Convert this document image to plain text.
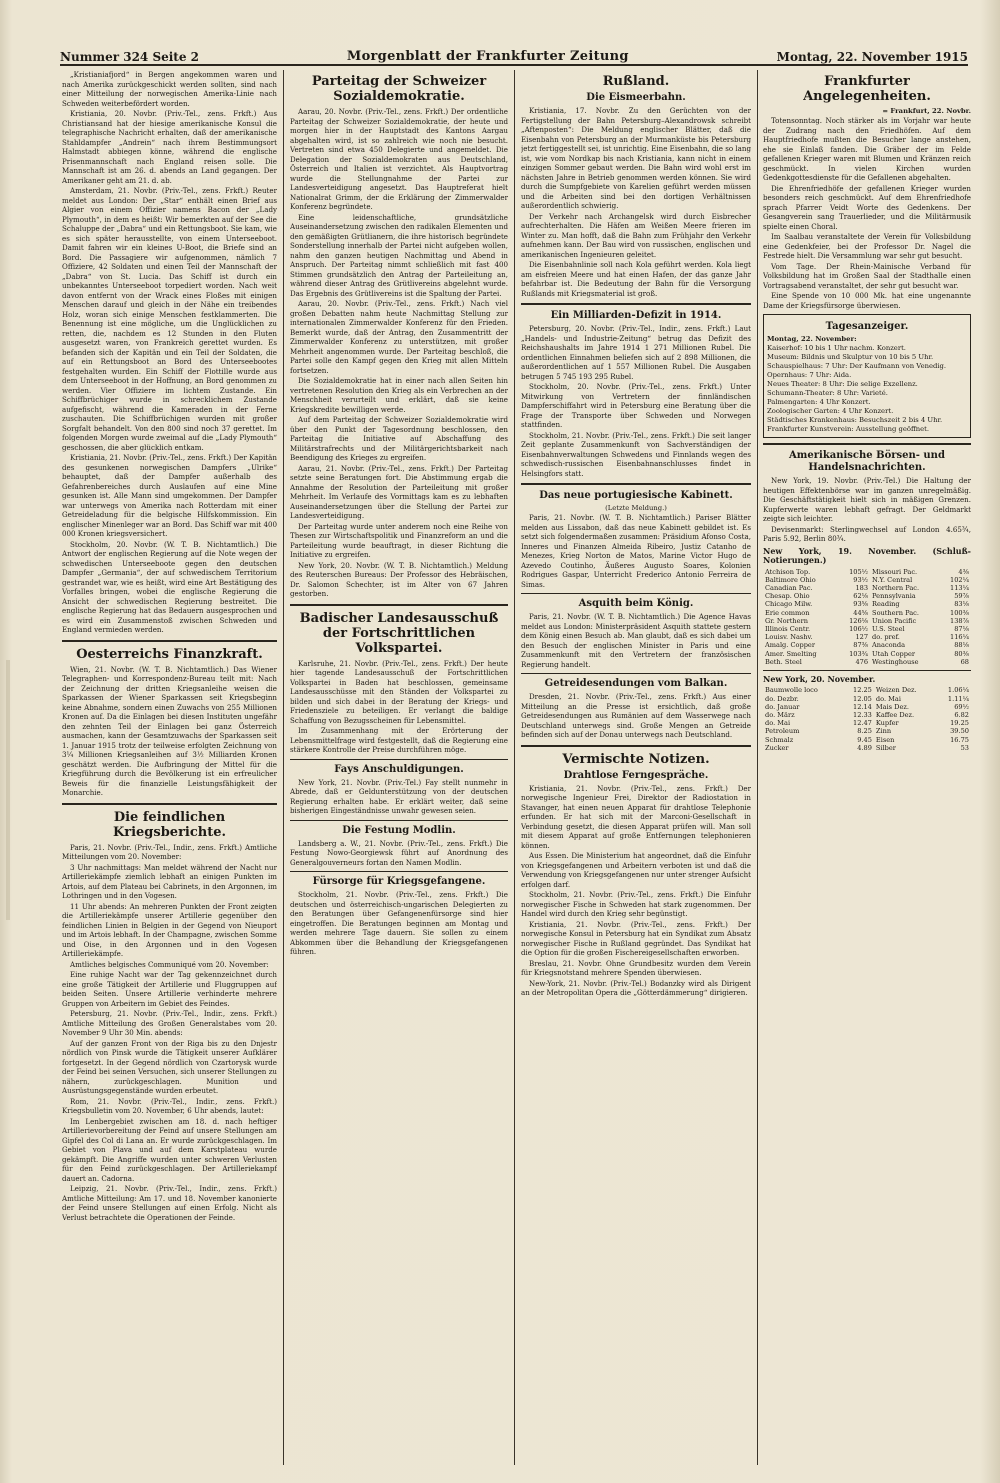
Nummer 324 Seite 2	Morgenblatt der Frankfurter Zeitung	Montag, 22. November 1915

„Kristianiafjord“ in Bergen angekommen waren und nach Amerika zurückgeschickt werden sollten, sind nach einer Mitteilung der norwegischen Amerika-Linie nach Schweden weiterbefördert worden.

Kristiania, 20. Novbr. (Priv.-Tel., zens. Frkft.) Aus Christiansand hat der hiesige amerikanische Konsul die telegraphische Nachricht erhalten, daß der amerikanische Stahldampfer „Andrein“ nach ihrem Bestimmungsort Halmstadt abbiegen könne, während die englische Prisenmannschaft nach England reisen solle. Die Mannschaft ist am 26. d. abends an Land gegangen. Der Amerikaner geht am 21. d. ab.

Amsterdam, 21. Novbr. (Priv.-Tel., zens. Frkft.) Reuter meldet aus London: Der „Star“ enthält einen Brief aus Algier von einem Offizier namens Bacon der „Lady Plymouth“, in dem es heißt: Wir bemerkten auf der See die Schaluppe der „Dabra“ und ein Rettungsboot. Sie kam, wie es sich später herausstellte, von einem Unterseeboot. Damit fahren wir ein kleines U-Boot, die Briefe sind an Bord. Die Passagiere wir aufgenommen, nämlich 7 Offiziere, 42 Soldaten und einen Teil der Mannschaft der „Dabra“ von St. Lucia. Das Schiff ist durch ein unbekanntes Unterseeboot torpediert worden. Nach weit davon entfernt von der Wrack eines Floßes mit einigen Menschen darauf und gleich in der Nähe ein treibendes Holz, woran sich einige Menschen festklammerten. Die Benennung ist eine mögliche, um die Unglücklichen zu retten, die, nachdem es 12 Stunden in den Fluten ausgesetzt waren, von Frankreich gerettet wurden. Es befanden sich der Kapitän und ein Teil der Soldaten, die auf ein Rettungsboot an Bord des Unterseebootes festgehalten wurden. Ein Schiff der Flottille wurde aus dem Unterseeboot in der Hoffnung, an Bord genommen zu werden. Vier Offiziere im lichtem Zustande. Ein Schiffbrüchiger wurde in schrecklichem Zustande aufgefischt, während die Kameraden in der Ferne zuschauten. Die Schiffbrüchigen wurden mit großer Sorgfalt behandelt. Von den 800 sind noch 37 gerettet. Im folgenden Morgen wurde zweimal auf die „Lady Plymouth“ geschossen, die aber glücklich entkam.

Kristiania, 21. Novbr. (Priv.-Tel., zens. Frkft.) Der Kapitän des gesunkenen norwegischen Dampfers „Ulrike“ behauptet, daß der Dampfer außerhalb des Gefahrenbereiches durch Auslaufen auf eine Mine gesunken ist. Alle Mann sind umgekommen. Der Dampfer war unterwegs von Amerika nach Rotterdam mit einer Getreideladung für die belgische Hilfskommission. Ein englischer Minenleger war an Bord. Das Schiff war mit 400 000 Kronen kriegsversichert.

Stockholm, 20. Novbr. (W. T. B. Nichtamtlich.) Die Antwort der englischen Regierung auf die Note wegen der schwedischen Unterseeboote gegen den deutschen Dampfer „Germania“, der auf schwedischem Territorium gestrandet war, wie es heißt, wird eine Art Bestätigung des Vorfalles bringen, wobei die englische Regierung die Ansicht der schwedischen Regierung bestreitet. Die englische Regierung hat das Bedauern ausgesprochen und es wird ein Zusammenstoß zwischen Schweden und England vermieden werden.

Oesterreichs Finanzkraft.

Wien, 21. Novbr. (W. T. B. Nichtamtlich.) Das Wiener Telegraphen- und Korrespondenz-Bureau teilt mit: Nach der Zeichnung der dritten Kriegsanleihe weisen die Sparkassen der Wiener Sparkassen seit Kriegsbeginn keine Abnahme, sondern einen Zuwachs von 255 Millionen Kronen auf. Da die Einlagen bei diesen Instituten ungefähr den zehnten Teil der Einlagen bei ganz Österreich ausmachen, kann der Gesamtzuwachs der Sparkassen seit 1. Januar 1915 trotz der teilweise erfolgten Zeichnung von 3¼ Millionen Kriegsanleihen auf 3½ Milliarden Kronen geschätzt werden. Die Aufbringung der Mittel für die Kriegführung durch die Bevölkerung ist ein erfreulicher Beweis für die finanzielle Leistungsfähigkeit der Monarchie.

Die feindlichen Kriegsberichte.

Paris, 21. Novbr. (Priv.-Tel., Indir., zens. Frkft.) Amtliche Mitteilungen vom 20. November:

3 Uhr nachmittags: Man meldet während der Nacht nur Artilleriekämpfe ziemlich lebhaft an einigen Punkten im Artois, auf dem Plateau bei Cabrinets, in den Argonnen, im Lothringen und in den Vogesen.

11 Uhr abends: An mehreren Punkten der Front zeigten die Artilleriekämpfe unserer Artillerie gegenüber den feindlichen Linien in Belgien in der Gegend von Nieuport und im Artois lebhaft. In der Champagne, zwischen Somme und Oise, in den Argonnen und in den Vogesen Artilleriekämpfe.

Amtliches belgisches Communiqué vom 20. November:

Eine ruhige Nacht war der Tag gekennzeichnet durch eine große Tätigkeit der Artillerie und Fluggruppen auf beiden Seiten. Unsere Artillerie verhinderte mehrere Gruppen von Arbeitern im Gebiet des Feindes.

Petersburg, 21. Novbr. (Priv.-Tel., Indir., zens. Frkft.) Amtliche Mitteilung des Großen Generalstabes vom 20. November 9 Uhr 30 Min. abends:

Auf der ganzen Front von der Riga bis zu den Dnjestr nördlich von Pinsk wurde die Tätigkeit unserer Aufklärer fortgesetzt. In der Gegend nördlich von Czartorysk wurde der Feind bei seinen Versuchen, sich unserer Stellungen zu nähern, zurückgeschlagen. Munition und Ausrüstungsgegenstände wurden erbeutet.

Rom, 21. Novbr. (Priv.-Tel., Indir., zens. Frkft.) Kriegsbulletin vom 20. November, 6 Uhr abends, lautet:

Im Lenbergebiet zwischen am 18. d. nach heftiger Artillerievorbereitung der Feind auf unsere Stellungen am Gipfel des Col di Lana an. Er wurde zurückgeschlagen. Im Gebiet von Plava und auf dem Karstplateau wurde gekämpft. Die Angriffe wurden unter schweren Verlusten für den Feind zurückgeschlagen. Der Artilleriekampf dauert an. Cadorna.

Leipzig, 21. Novbr. (Priv.-Tel., Indir., zens. Frkft.) Amtliche Mitteilung: Am 17. und 18. November kanonierte der Feind unsere Stellungen auf einen Erfolg. Nicht als Verlust betrachtete die Operationen der Feinde.

Parteitag der Schweizer Sozialdemokratie.

Aarau, 20. Novbr. (Priv.-Tel., zens. Frkft.) Der ordentliche Parteitag der Schweizer Sozialdemokratie, der heute und morgen hier in der Hauptstadt des Kantons Aargau abgehalten wird, ist so zahlreich wie noch nie besucht. Vertreten sind etwa 450 Delegierte und angemeldet. Die Delegation der Sozialdemokraten aus Deutschland, Österreich und Italien ist verzichtet. Als Hauptvortrag wurde die Stellungnahme der Partei zur Landesverteidigung angesetzt. Das Hauptreferat hielt Nationalrat Grimm, der die Erklärung der Zimmerwalder Konferenz begründete.

Eine leidenschaftliche, grundsätzliche Auseinandersetzung zwischen den radikalen Elementen und den gemäßigten Grütlianern, die ihre historisch begründete Sonderstellung innerhalb der Partei nicht aufgeben wollen, nahm den ganzen heutigen Nachmittag und Abend in Anspruch. Der Parteitag nimmt schließlich mit fast 400 Stimmen grundsätzlich den Antrag der Parteileitung an, während dieser Antrag des Grütlivereins abgelehnt wurde. Das Ergebnis des Grütlivereins ist die Spaltung der Partei.

Aarau, 20. Novbr. (Priv.-Tel., zens. Frkft.) Nach viel großen Debatten nahm heute Nachmittag Stellung zur internationalen Zimmerwalder Konferenz für den Frieden. Bemerkt wurde, daß der Antrag, den Zusammentritt der Zimmerwalder Konferenz zu unterstützen, mit großer Mehrheit angenommen wurde. Der Parteitag beschloß, die Partei solle den Kampf gegen den Krieg mit allen Mitteln fortsetzen.

Die Sozialdemokratie hat in einer nach allen Seiten hin vertretenen Resolution den Krieg als ein Verbrechen an der Menschheit verurteilt und erklärt, daß sie keine Kriegskredite bewilligen werde.

Auf dem Parteitag der Schweizer Sozialdemokratie wird über den Punkt der Tagesordnung beschlossen, den Parteitag die Initiative auf Abschaffung des Militärstrafrechts und der Militärgerichtsbarkeit nach Beendigung des Krieges zu ergreifen.

Aarau, 21. Novbr. (Priv.-Tel., zens. Frkft.) Der Parteitag setzte seine Beratungen fort. Die Abstimmung ergab die Annahme der Resolution der Parteileitung mit großer Mehrheit. Im Verlaufe des Vormittags kam es zu lebhaften Auseinandersetzungen über die Stellung der Partei zur Landesverteidigung.

Der Parteitag wurde unter anderem noch eine Reihe von Thesen zur Wirtschaftspolitik und Finanzreform an und die Parteileitung wurde beauftragt, in dieser Richtung die Initiative zu ergreifen.

New York, 20. Novbr. (W. T. B. Nichtamtlich.) Meldung des Reuterschen Bureaus: Der Professor des Hebräischen, Dr. Salomon Schechter, ist im Alter von 67 Jahren gestorben.

Badischer Landesausschuß der Fortschrittlichen Volkspartei.

Karlsruhe, 21. Novbr. (Priv.-Tel., zens. Frkft.) Der heute hier tagende Landesausschuß der Fortschrittlichen Volkspartei in Baden hat beschlossen, gemeinsame Landesausschüsse mit den Ständen der Volkspartei zu bilden und sich dabei in der Beratung der Kriegs- und Friedensziele zu beteiligen. Er verlangt die baldige Schaffung von Bezugsscheinen für Lebensmittel.

Im Zusammenhang mit der Erörterung der Lebensmittelfrage wird festgestellt, daß die Regierung eine stärkere Kontrolle der Preise durchführen möge.

Fays Anschuldigungen.

New York, 21. Novbr. (Priv.-Tel.) Fay stellt nunmehr in Abrede, daß er Geldunterstützung von der deutschen Regierung erhalten habe. Er erklärt weiter, daß seine bisherigen Eingeständnisse unwahr gewesen seien.

Die Festung Modlin.

Landsberg a. W., 21. Novbr. (Priv.-Tel., zens. Frkft.) Die Festung Nowo-Georgiewsk führt auf Anordnung des Generalgouverneurs fortan den Namen Modlin.

Fürsorge für Kriegsgefangene.

Stockholm, 21. Novbr. (Priv.-Tel., zens. Frkft.) Die deutschen und österreichisch-ungarischen Delegierten zu den Beratungen über Gefangenenfürsorge sind hier eingetroffen. Die Beratungen beginnen am Montag und werden mehrere Tage dauern. Sie sollen zu einem Abkommen über die Behandlung der Kriegsgefangenen führen.

Rußland.
Die Eismeerbahn.

Kristiania, 17. Novbr. Zu den Gerüchten von der Fertigstellung der Bahn Petersburg–Alexandrowsk schreibt „Aftenposten“: Die Meldung englischer Blätter, daß die Eisenbahn von Petersburg an der Murmanküste bis Petersburg jetzt fertiggestellt sei, ist unrichtig. Eine Eisenbahn, die so lang ist, wie vom Nordkap bis nach Kristiania, kann nicht in einem einzigen Sommer gebaut werden. Die Bahn wird wohl erst im nächsten Jahre in Betrieb genommen werden können. Sie wird durch die Sumpfgebiete von Karelien geführt werden müssen und die Arbeiten sind bei den dortigen Verhältnissen außerordentlich schwierig.

Der Verkehr nach Archangelsk wird durch Eisbrecher aufrechterhalten. Die Häfen am Weißen Meere frieren im Winter zu. Man hofft, daß die Bahn zum Frühjahr den Verkehr aufnehmen kann. Der Bau wird von russischen, englischen und amerikanischen Ingenieuren geleitet.

Die Eisenbahnlinie soll nach Kola geführt werden. Kola liegt am eisfreien Meere und hat einen Hafen, der das ganze Jahr befahrbar ist. Die Bedeutung der Bahn für die Versorgung Rußlands mit Kriegsmaterial ist groß.

Ein Milliarden-Defizit in 1914.

Petersburg, 20. Novbr. (Priv.-Tel., Indir., zens. Frkft.) Laut „Handels- und Industrie-Zeitung“ betrug das Defizit des Reichshaushalts im Jahre 1914 1 271 Millionen Rubel. Die ordentlichen Einnahmen beliefen sich auf 2 898 Millionen, die außerordentlichen auf 1 557 Millionen Rubel. Die Ausgaben betrugen 5 745 193 295 Rubel.

Stockholm, 20. Novbr. (Priv.-Tel., zens. Frkft.) Unter Mitwirkung von Vertretern der finnländischen Dampferschiffahrt wird in Petersburg eine Beratung über die Frage der Transporte über Schweden und Norwegen stattfinden.

Stockholm, 21. Novbr. (Priv.-Tel., zens. Frkft.) Die seit langer Zeit geplante Zusammenkunft von Sachverständigen der Eisenbahnverwaltungen Schwedens und Finnlands wegen des schwedisch-russischen Eisenbahnanschlusses findet in Helsingfors statt.

Das neue portugiesische Kabinett.
(Letzte Meldung.)

Paris, 21. Novbr. (W. T. B. Nichtamtlich.) Pariser Blätter melden aus Lissabon, daß das neue Kabinett gebildet ist. Es setzt sich folgendermaßen zusammen: Präsidium Afonso Costa, Inneres und Finanzen Almeida Ribeiro, Justiz Catanho de Menezes, Krieg Norton de Matos, Marine Victor Hugo de Azevedo Coutinho, Äußeres Augusto Soares, Kolonien Rodrigues Gaspar, Unterricht Frederico Antonio Ferreira de Simas.

Asquith beim König.

Paris, 21. Novbr. (W. T. B. Nichtamtlich.) Die Agence Havas meldet aus London: Ministerpräsident Asquith stattete gestern dem König einen Besuch ab. Man glaubt, daß es sich dabei um den Besuch der englischen Minister in Paris und eine Zusammenkunft mit den Vertretern der französischen Regierung handelt.

Getreidesendungen vom Balkan.

Dresden, 21. Novbr. (Priv.-Tel., zens. Frkft.) Aus einer Mitteilung an die Presse ist ersichtlich, daß große Getreidesendungen aus Rumänien auf dem Wasserwege nach Deutschland unterwegs sind. Große Mengen an Getreide befinden sich auf der Donau unterwegs nach Deutschland.

Vermischte Notizen.
Drahtlose Ferngespräche.

Kristiania, 21. Novbr. (Priv.-Tel., zens. Frkft.) Der norwegische Ingenieur Frei, Direktor der Radiostation in Stavanger, hat einen neuen Apparat für drahtlose Telephonie erfunden. Er hat sich mit der Marconi-Gesellschaft in Verbindung gesetzt, die diesen Apparat prüfen will. Man soll mit diesem Apparat auf große Entfernungen telephonieren können.

Aus Essen. Die Ministerium hat angeordnet, daß die Einfuhr von Kriegsgefangenen und Arbeitern verboten ist und daß die Verwendung von Kriegsgefangenen nur unter strenger Aufsicht erfolgen darf.

Stockholm, 21. Novbr. (Priv.-Tel., zens. Frkft.) Die Einfuhr norwegischer Fische in Schweden hat stark zugenommen. Der Handel wird durch den Krieg sehr begünstigt.

Kristiania, 21. Novbr. (Priv.-Tel., zens. Frkft.) Der norwegische Konsul in Petersburg hat ein Syndikat zum Absatz norwegischer Fische in Rußland gegründet. Das Syndikat hat die Option für die großen Fischereigesellschaften erworben.

Breslau, 21. Novbr. Ohne Grundbesitz wurden dem Verein für Kriegsnotstand mehrere Spenden überwiesen.

New-York, 21. Novbr. (Priv.-Tel.) Bodanzky wird als Dirigent an der Metropolitan Opera die „Götterdämmerung“ dirigieren.

Frankfurter Angelegenheiten.
= Frankfurt, 22. Novbr.

Totensonntag. Noch stärker als im Vorjahr war heute der Zudrang nach den Friedhöfen. Auf dem Hauptfriedhofe mußten die Besucher lange anstehen, ehe sie Einlaß fanden. Die Gräber der im Felde gefallenen Krieger waren mit Blumen und Kränzen reich geschmückt. In vielen Kirchen wurden Gedenkgottesdienste für die Gefallenen abgehalten.

Die Ehrenfriedhöfe der gefallenen Krieger wurden besonders reich geschmückt. Auf dem Ehrenfriedhofe sprach Pfarrer Veidt Worte des Gedenkens. Der Gesangverein sang Trauerlieder, und die Militärmusik spielte einen Choral.

Im Saalbau veranstaltete der Verein für Volksbildung eine Gedenkfeier, bei der Professor Dr. Nagel die Festrede hielt. Die Versammlung war sehr gut besucht.

Vom Tage. Der Rhein-Mainische Verband für Volksbildung hat im Großen Saal der Stadthalle einen Vortragsabend veranstaltet, der sehr gut besucht war.

Eine Spende von 10 000 Mk. hat eine ungenannte Dame der Kriegsfürsorge überwiesen.

Tagesanzeiger.
Montag, 22. November:
Kaiserhof: 10 bis 1 Uhr nachm. Konzert.
Museum: Bildnis und Skulptur von 10 bis 5 Uhr.
Schauspielhaus: 7 Uhr: Der Kaufmann von Venedig.
Opernhaus: 7 Uhr: Aida.
Neues Theater: 8 Uhr: Die selige Exzellenz.
Schumann-Theater: 8 Uhr: Varieté.
Palmengarten: 4 Uhr Konzert.
Zoologischer Garten: 4 Uhr Konzert.
Städtisches Krankenhaus: Besuchszeit 2 bis 4 Uhr.
Frankfurter Kunstverein: Ausstellung geöffnet.
Amerikanische Börsen- und Handelsnachrichten.

New York, 19. Novbr. (Priv.-Tel.) Die Haltung der heutigen Effektenbörse war im ganzen unregelmäßig. Die Geschäftstätigkeit hielt sich in mäßigen Grenzen. Kupferwerte waren lebhaft gefragt. Der Geldmarkt zeigte sich leichter.

Devisenmarkt: Sterlingwechsel auf London 4.65¾, Paris 5.92, Berlin 80¾.

New York, 19. November. (Schluß-Notierungen.)
Atchison Top.	105½	Missouri Pac.	4⅜
Baltimore Ohio	93½	N.Y. Central	102¼
Canadian Pac.	183	Northern Pac.	113¼
Chesap. Ohio	62⅛	Pennsylvania	59⅞
Chicago Milw.	93⅝	Reading	83⅛
Erie common	44⅝	Southern Pac.	100⅜
Gr. Northern	126⅛	Union Pacific	138⅞
Illinois Centr.	106½	U.S. Steel	87⅛
Louisv. Nashv.	127	do. pref.	116¼
Amalg. Copper	87⅜	Anaconda	88⅛
Amer. Smelting	103¾	Utah Copper	80⅜
Beth. Steel	476	Westinghouse	68
New York, 20. November.
Baumwolle loco	12.25	Weizen Dez.	1.06¼
do. Dezbr.	12.05	do. Mai	1.11¼
do. Januar	12.14	Mais Dez.	69½
do. März	12.33	Kaffee Dez.	6.82
do. Mai	12.47	Kupfer	19.25
Petroleum	8.25	Zinn	39.50
Schmalz	9.45	Eisen	16.75
Zucker	4.89	Silber	53
